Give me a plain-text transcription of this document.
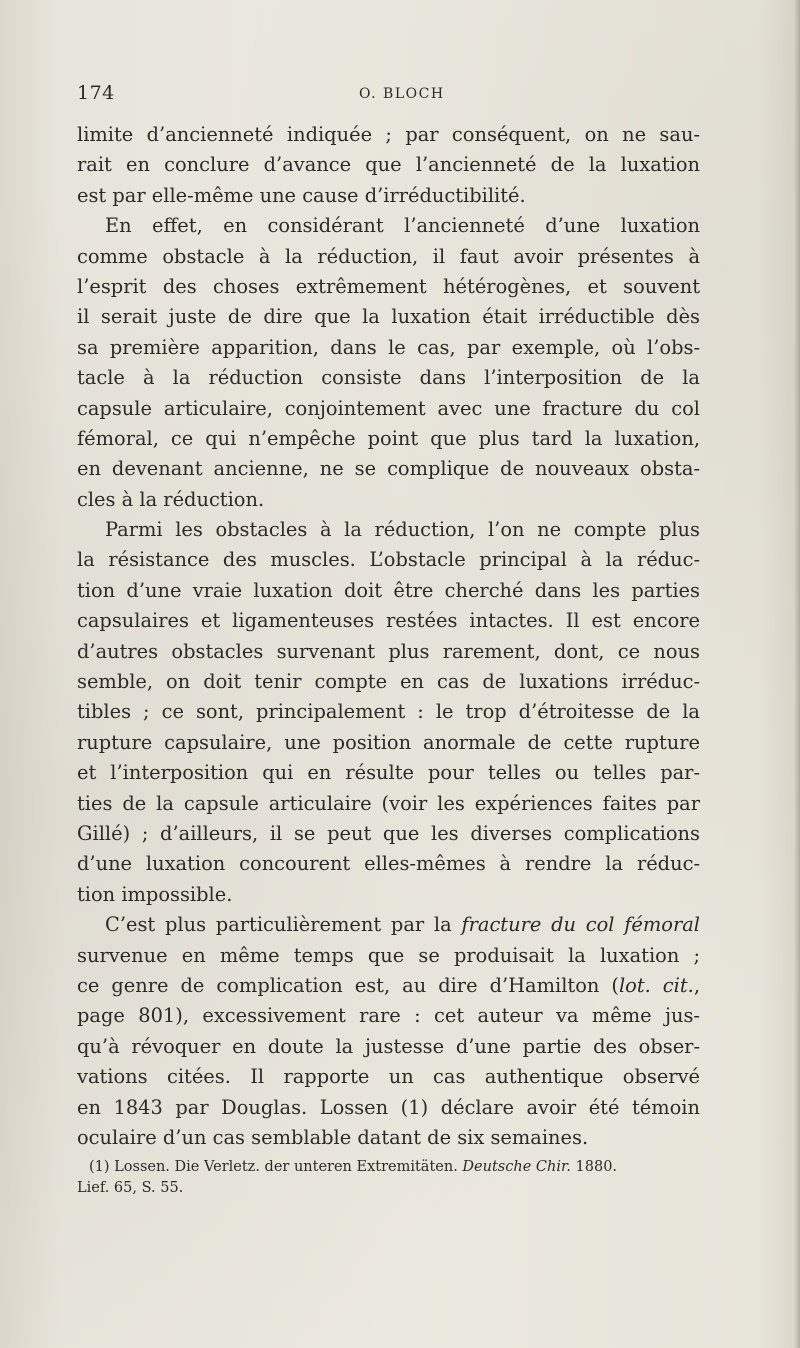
174	O. BLOCH
limite d’ancienneté indiquée ; par conséquent, on ne sau-
rait en conclure d’avance que l’ancienneté de la luxation
est par elle-même une cause d’irréductibilité.
En effet, en considérant l’ancienneté d’une luxation
comme obstacle à la réduction, il faut avoir présentes à
l’esprit des choses extrêmement hétérogènes, et souvent
il serait juste de dire que la luxation était irréductible dès
sa première apparition, dans le cas, par exemple, où l’obs-
tacle à la réduction consiste dans l’interposition de la
capsule articulaire, conjointement avec une fracture du col
fémoral, ce qui n’empêche point que plus tard la luxation,
en devenant ancienne, ne se complique de nouveaux obsta-
cles à la réduction.
Parmi les obstacles à la réduction, l’on ne compte plus
la résistance des muscles. L’obstacle principal à la réduc-
tion d’une vraie luxation doit être cherché dans les parties
capsulaires et ligamenteuses restées intactes. Il est encore
d’autres obstacles survenant plus rarement, dont, ce nous
semble, on doit tenir compte en cas de luxations irréduc-
tibles ; ce sont, principalement : le trop d’étroitesse de la
rupture capsulaire, une position anormale de cette rupture
et l’interposition qui en résulte pour telles ou telles par-
ties de la capsule articulaire (voir les expériences faites par
Gillé) ; d’ailleurs, il se peut que les diverses complications
d’une luxation concourent elles-mêmes à rendre la réduc-
tion impossible.
C’est plus particulièrement par la fracture du col fémoral
survenue en même temps que se produisait la luxation ;
ce genre de complication est, au dire d’Hamilton (lot. cit.,
page 801), excessivement rare : cet auteur va même jus-
qu’à révoquer en doute la justesse d’une partie des obser-
vations citées. Il rapporte un cas authentique observé
en 1843 par Douglas. Lossen (1) déclare avoir été témoin
oculaire d’un cas semblable datant de six semaines.
(1) Lossen. Die Verletz. der unteren Extremitäten. Deutsche Chir. 1880.
Lief. 65, S. 55.
